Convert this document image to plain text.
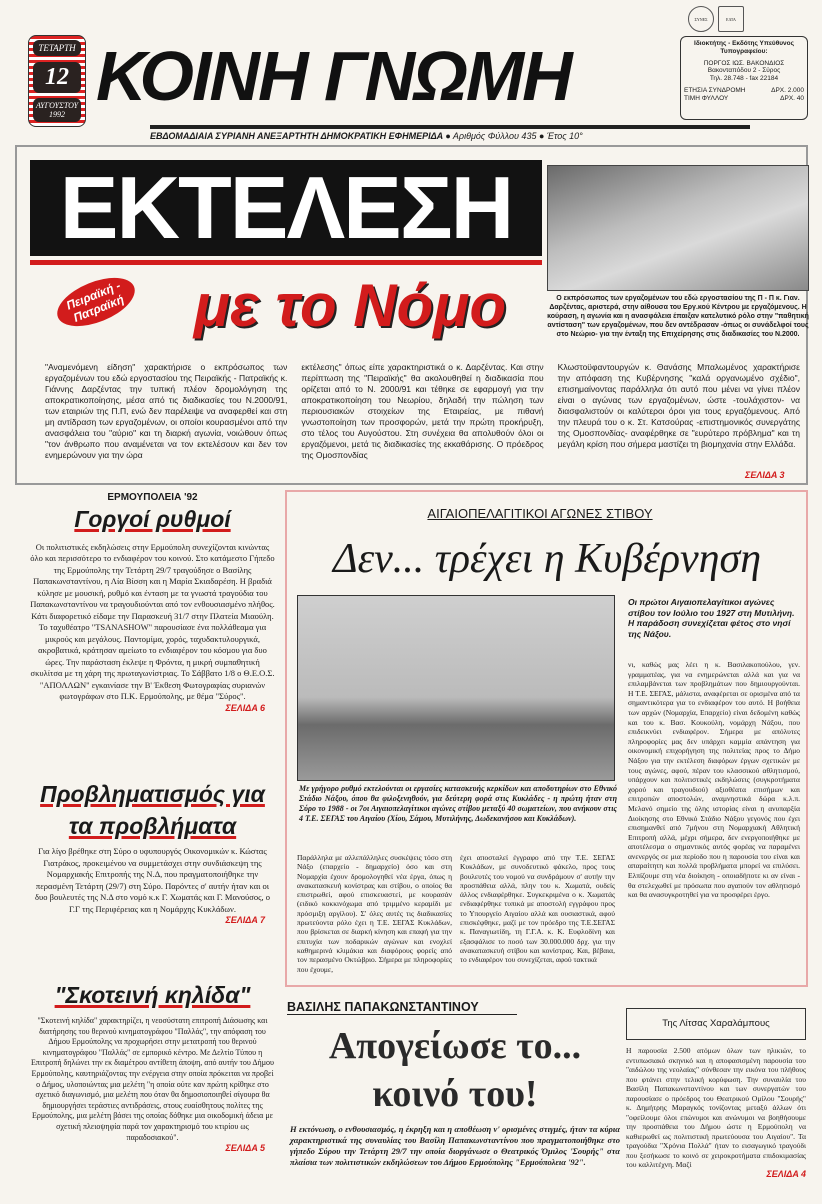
ΣΥΝΕΣ	ΕΛΤΑ
ΤΕΤΑΡΤΗ
12
ΑΥΓΟΥΣΤΟΥ 1992 ΚΟΙΝΗ ΓΝΩΜΗ	Ιδιοκτήτης - Εκδότης Υπεύθυνος Τυπογραφείου:
ΠΟΡΓΟΣ ΙΩΣ. ΒΑΚΟΝΔΙΟΣ
Βακονταπόδου 2 - Σύρος
Τηλ. 28.748 - fax 22184
ΕΤΗΣΙΑ ΣΥΝΔΡΟΜΗ	ΔΡΧ. 2.000
ΤΙΜΗ ΦΥΛΛΟΥ	ΔΡΧ. 40
ΕΒΔΟΜΑΔΙΑΙΑ ΣΥΡΙΑΝΗ ΑΝΕΞΑΡΤΗΤΗ ΔΗΜΟΚΡΑΤΙΚΗ ΕΦΗΜΕΡΙΔΑ ● Αριθμός Φύλλου 435 ● Έτος 10°
ΕΚΤΕΛΕΣΗ
Πειραϊκή - Πατραϊκή	με το Νόμο	Ο εκπρόσωπος των εργαζομένων του εδώ εργοστασίου της Π - Π κ. Γιαν. Δαρζέντας, αριστερά, στην αίθουσα του Εργ.κού Κέντρου με εργαζόμενους. Η κούραση, η αγωνία και η ανασφάλεια έπαιξαν κατελυτικό ρόλο στην "παθητική αντίσταση" των εργαζομένων, που δεν αντέδρασαν -όπως οι συνάδελφοί τους στο Νεώριο- για την ένταξη της Επιχείρησης στις διαδικασίες του Ν.2000.

"Αναμενόμενη είδηση" χαρακτήρισε ο εκπρόσωπος των εργαζομένων του εδώ εργοστασίου της Πειραϊκής - Πατραϊκής κ. Γιάννης Δαρζέντας την τυπική πλέον δρομολόγηση της αποκρατικοποίησης, μέσα από τις διαδικασίες του Ν.2000/91, των εταιριών της Π.Π, ενώ δεν παρέλειψε να αναφερθεί και στη μη αντίδραση των εργαζομένων, οι οποίοι κουρασμένοι από την ανασφάλεια του "αύριο" και τη διαρκή αγωνία, νοιώθουν όπως "τον άνθρωπο που αναμένεται να τον εκτελέσουν και δεν τον ενημερώνουν για την ώρα

εκτέλεσης" όπως είπε χαρακτηριστικά ο κ. Δαρζέντας. Και στην περίπτωση της "Πειραϊκής" θα ακολουθηθεί η διαδικασία που ορίζεται από το Ν. 2000/91 και τέθηκε σε εφαρμογή για την αποκρατικοποίηση του Νεωρίου, δηλαδή την πώληση των περιουσιακών στοιχείων της Εταιρείας, με πιθανή γνωστοποίηση των προσφορών, μετά την πρώτη προκήρυξη, στο τέλος του Αυγούστου. Στη συνέχεια θα απολυθούν όλοι οι εργαζόμενοι, μετά τις διαδικασίες της εκκαθάρισης. Ο πρόεδρος της Ομοσπονδίας

Κλωστοϋφαντουργών κ. Θανάσης Μπαλωμένος χαρακτήρισε την απόφαση της Κυβέρνησης "καλά οργανωμένο σχέδιο", επισημαίνοντας παράλληλα ότι αυτό που μένει να γίνει πλέον είναι ο αγώνας των εργαζομένων, ώστε -τουλάχιστον- να διασφαλιστούν οι καλύτεροι όροι για τους εργαζόμενους. Από την πλευρά του ο κ. Στ. Κατσούρας -επιστημονικός συνεργάτης της Ομοσπονδίας- αναφέρθηκε σε "ευρύτερο πρόβλημα" και τη μεγάλη κρίση που σήμερα μαστίζει τη βιομηχανία στην Ελλάδα.

ΣΕΛΙΔΑ 3
ΕΡΜΟΥΠΟΛΕΙΑ '92
Γοργοί ρυθμοί

Οι πολιτιστικές εκδηλώσεις στην Ερμούπολη συνεχίζονται κινώντας όλο και περισσότερο το ενδιαφέρον του κοινού. Στο κατάμεστο Γήπεδο της Ερμούπολης την Τετάρτη 29/7 τραγούδησε ο Βασίλης Παπακωνσταντίνου, η Λία Βίσση και η Μαρία Σκιαδαρέση. Η βραδιά κύλησε με μουσική, ρυθμό και ένταση με τα γνωστά τραγούδια του Παπακωνσταντίνου να τραγουδιούνται από τον ενθουσιασμένο πλήθος. Κάτι διαφορετικό είδαμε την Παρασκευή 31/7 στην Πλατεία Μιαούλη. Το ταχυθέατρο "TSANASHOW" παρουσίασε ένα πολλάθεαμα για μικρούς και μεγάλους. Παντομίμα, χορός, ταχυδακτυλουργικά, ακροβατικά, κράτησαν αμείωτο το ενδιαφέρον του κόσμου για δυο ώρες. Την παράσταση έκλεψε η Φρόντα, η μικρή συμπαθητική σκυλίτσα με τη χάρη της πρωταγωνίστριας. Το Σάββατο 1/8 ο Θ.Ε.Ο.Σ. "ΑΠΟΛΛΩΝ" εγκαινίασε την Β' Έκθεση Φωτογραφίας συριανών φωτογράφων στο Π.Κ. Ερμούπολης, με θέμα "Σύρος".

ΣΕΛΙΔΑ 6
Προβληματισμός για τα προβλήματα

Για λίγο βρέθηκε στη Σύρο ο υφυπουργός Οικονομικών κ. Κώστας Γιατράκος, προκειμένου να συμμετάσχει στην συνδιάσκεψη της Νομαρχιακής Επιτροπής της Ν.Δ, που πραγματοποιήθηκε την περασμένη Τετάρτη (29/7) στη Σύρο. Παρόντες σ' αυτήν ήταν και οι δυο βουλευτές της Ν.Δ στο νομό κ.κ Γ. Χωματάς και Γ. Μανούσος, ο Γ.Γ της Περιφέρειας και η Νομάρχης Κυκλάδων.

ΣΕΛΙΔΑ 7
"Σκοτεινή κηλίδα"

"Σκοτεινή κηλίδα" χαρακτηρίζει, η νεοσύστατη επιτροπή Διάσωσης και διατήρησης του θερινού κινηματογράφου "Παλλάς", την απόφαση του Δήμου Ερμούπολης να προχωρήσει στην μετατροπή του θερινού κινηματογράφου "Παλλάς" σε εμπορικό κέντρο. Με Δελτίο Τύπου η Επιτροπή δηλώνει την εκ διαμέτρου αντίθετη άποψη, από αυτήν του Δήμου Ερμούπολης, καυτηριάζοντας την ενέργεια στην οποία πρόκειται να προβεί ο Δήμος, υλοποιώντας μια μελέτη "η οποία ούτε καν πρώτη κρίθηκε στο σχετικό διαγωνισμό, μια μελέτη που όταν θα δημοσιοποιηθεί σίγουρα θα δημιουργήσει τεράστιες αντιδράσεις, στους ευαίσθητους πολίτες της Ερμούπολης, μια μελέτη βάσει της οποίας δόθηκε μια οικοδομική άδεια με σχετική πλειοψηφία παρά τον χαρακτηρισμό του κτιρίου ως παραδοσιακού".

ΣΕΛΙΔΑ 5
ΑΙΓΑΙΟΠΕΛΑΓΙΤΙΚΟΙ ΑΓΩΝΕΣ ΣΤΙΒΟΥ
Δεν... τρέχει η Κυβέρνηση
Με γρήγορο ρυθμό εκτελούνται οι εργασίες κατασκευής κερκίδων και αποδυτηρίων στο Εθνικό Στάδιο Νάξου, όπου θα φιλοξενηθούν, για δεύτερη φορά στις Κυκλάδες - η πρώτη ήταν στη Σύρο το 1988 - οι 7οι Αιγαιοπελαγίτικοι αγώνες στίβου μεταξύ 40 σωματείων, που ανήκουν στις 4 Τ.Ε. ΣΕΓΑΣ του Αιγαίου (Χίου, Σάμου, Μυτιλήνης, Δωδεκανήσου και Κυκλάδων).
Οι πρώτοι Αιγαιοπελαγίτικοι αγώνες στίβου τον Ιούλιο του 1927 στη Μυτιλήνη. Η παράδοση συνεχίζεται φέτος στο νησί της Νάξου.
νι, καθώς μας λέει η κ. Βασιλακοπούλου, γεν. γραμματέας, για να ενημερώνεται αλλά και για να επιλαμβάνεται των προβλημάτων που δημιουργούνται. Η Τ.Ε. ΣΕΓΑΣ, μάλιστα, αναφέρεται σε ορισμένα από τα σημαντικότερα για το ενδιαφέρον του αυτό. Η βοήθεια των αρχών (Νομαρχία, Επαρχείο) είναι δεδομένη καθώς και του κ. Βασ. Κουκούλη, νομάρχη Νάξου, που επιδεικνύει ενδιαφέρον. Σήμερα με απόλυτες πληροφορίες μας δεν υπάρχει καμμία απάντηση για οικονομική επιχορήγηση της πολιτείας προς το Δήμο Νάξου για την εκτέλεση διαφόρων έργων σχετικών με τους αγώνες, αφού, πέραν του κλασσικού αθλητισμού, υπάρχουν και πολιτιστικές εκδηλώσεις (συγκροτήματα χορού και τραγουδιού) αξιοθέατα επισήμων και επιτροπών αποστολών, αναμνηστικά δώρα κ.λ.π. Μελανό σημείο της όλης ιστορίας είναι η ανυπαρξία Διοίκησης στο Εθνικό Στάδιο Νάξου γεγονός που έχει επισημανθεί από 7μήνου στη Νομαρχιακή Αθλητική Επιτροπή αλλά, μέχρι σήμερα, δεν ενεργοποιήθηκε με αποτέλεσμα ο σημαντικός αυτός φορέας να παραμένει ανενεργός σε μια περίοδο που η παρουσία του είναι και απαραίτητη και πολλά προβλήματα μπορεί να επιλύσει. Ελπίζουμε στη νέα διοίκηση - οποιαδήποτε κι αν είναι - θα στελεχωθεί με πρόσωπα που αγαπούν τον αθλητισμό και θα ανασυγκροτηθεί για να προσφέρει έργο.

Παράλληλα με αλλεπάλληλες συσκέψεις τόσο στη Νάξο (επαρχείο - δημαρχείο) όσο και στη Νομαρχία έχουν δρομολογηθεί νέα έργα, όπως η ανακατασκευή κονίστρας και στίβου, ο οποίος θα επιστρωθεί, αφού επισκευαστεί, με κουρασάν (ειδικό κοκκινόχωμα από τριμμένο κεραμίδι με πρόσμιξη αργίλου). Σ' όλες αυτές τις διαδικασίες πρωτεύοντα ρόλο έχει η Τ.Ε. ΣΕΓΑΣ Κυκλάδων, που βρίσκεται σε διαρκή κίνηση και επαφή για την επιτυχία των ποδαρικών αγώνων και ενοχλεί καθημερινά κλιμάκια και διαφόρους φορείς από τον περασμένο Οκτώβριο. Σήμερα με πληροφορίες που έχουμε,

έχει αποσταλεί έγγραφο από την Τ.Ε. ΣΕΓΑΣ Κυκλάδων, με συνοδευτικό φάκελο, προς τους βουλευτές του νομού να συνδράμουν σ' αυτήν την προσπάθεια αλλά, πλην του κ. Χωματά, ουδείς άλλος ενδιαφέρθηκε. Συγκεκριμένα ο κ. Χωματάς ενδιαφέρθηκε τυπικά με αποστολή εγγράφου προς το Υπουργείο Αιγαίου αλλά και ουσιαστικά, αφού επισκέφθηκε, μαζί με τον πρόεδρο της Τ.Ε.ΣΕΓΑΣ κ. Παναγιωτίδη, τη Γ.Γ.Α. κ. Κ. Ευφλοδίνη και εξασφάλισε το ποσό των 30.000.000 δρχ. για την ανακατασκευή στίβου και κονίστρας. Και, βέβαια, το ενδιαφέρον του συνεχίζεται, αφού τακτικά

ΒΑΣΙΛΗΣ ΠΑΠΑΚΩΝΣΤΑΝΤΙΝΟΥ
Απογείωσε το... κοινό του!
Η εκτόνωση, ο ενθουσιασμός, η έκρηξη και η αποθέωση ν' ορισμένες στιγμές, ήταν τα κύρια χαρακτηριστικά της συναυλίας του Βασίλη Παπακωνσταντίνου που πραγματοποιήθηκε στο γήπεδο Σύρου την Τετάρτη 29/7 την οποία διοργάνωσε ο Θεατρικός Όμιλος 'Σουρής" στα πλαίσια των πολιτιστικών εκδηλώσεων του Δήμου Ερμούπολης "Ερμούπολεια '92".
Της Λίτσας Χαραλάμπους

Η παρουσία 2.500 ατόμων όλων των ηλικιών, το εντυπωσιακό σκηνικό και η αποφασισμένη παρουσία του "αιδώλου της νεολαίας" σύνθεσαν την εικόνα του πλήθους που φτάνει στην τελική κορύφωση. Την συναυλία του Βασίλη Παπακωνσταντίνου και των συνεργατών του παρουσίασε ο πρόεδρος του Θεατρικού Ομίλου "Σουρής" κ. Δημήτρης Μαραγκός τονίζοντας μεταξύ άλλων ότι "οφείλουμε όλοι επώνυμοι και ανώνυμοι να βοηθήσουμε την προσπάθεια του Δήμου ώστε η Ερμούπολη να καθιερωθεί ως πολιτιστική πρωτεύουσα του Αιγαίου". Τα τραγούδια "Χρόνια Πολλά" ήταν το εισαγωγικό τραγούδι που ξεσήκωσε το κοινό σε χειροκροτήματα επιδοκιμασίας του καλλιτέχνη. Μαζί

ΣΕΛΙΔΑ 4
